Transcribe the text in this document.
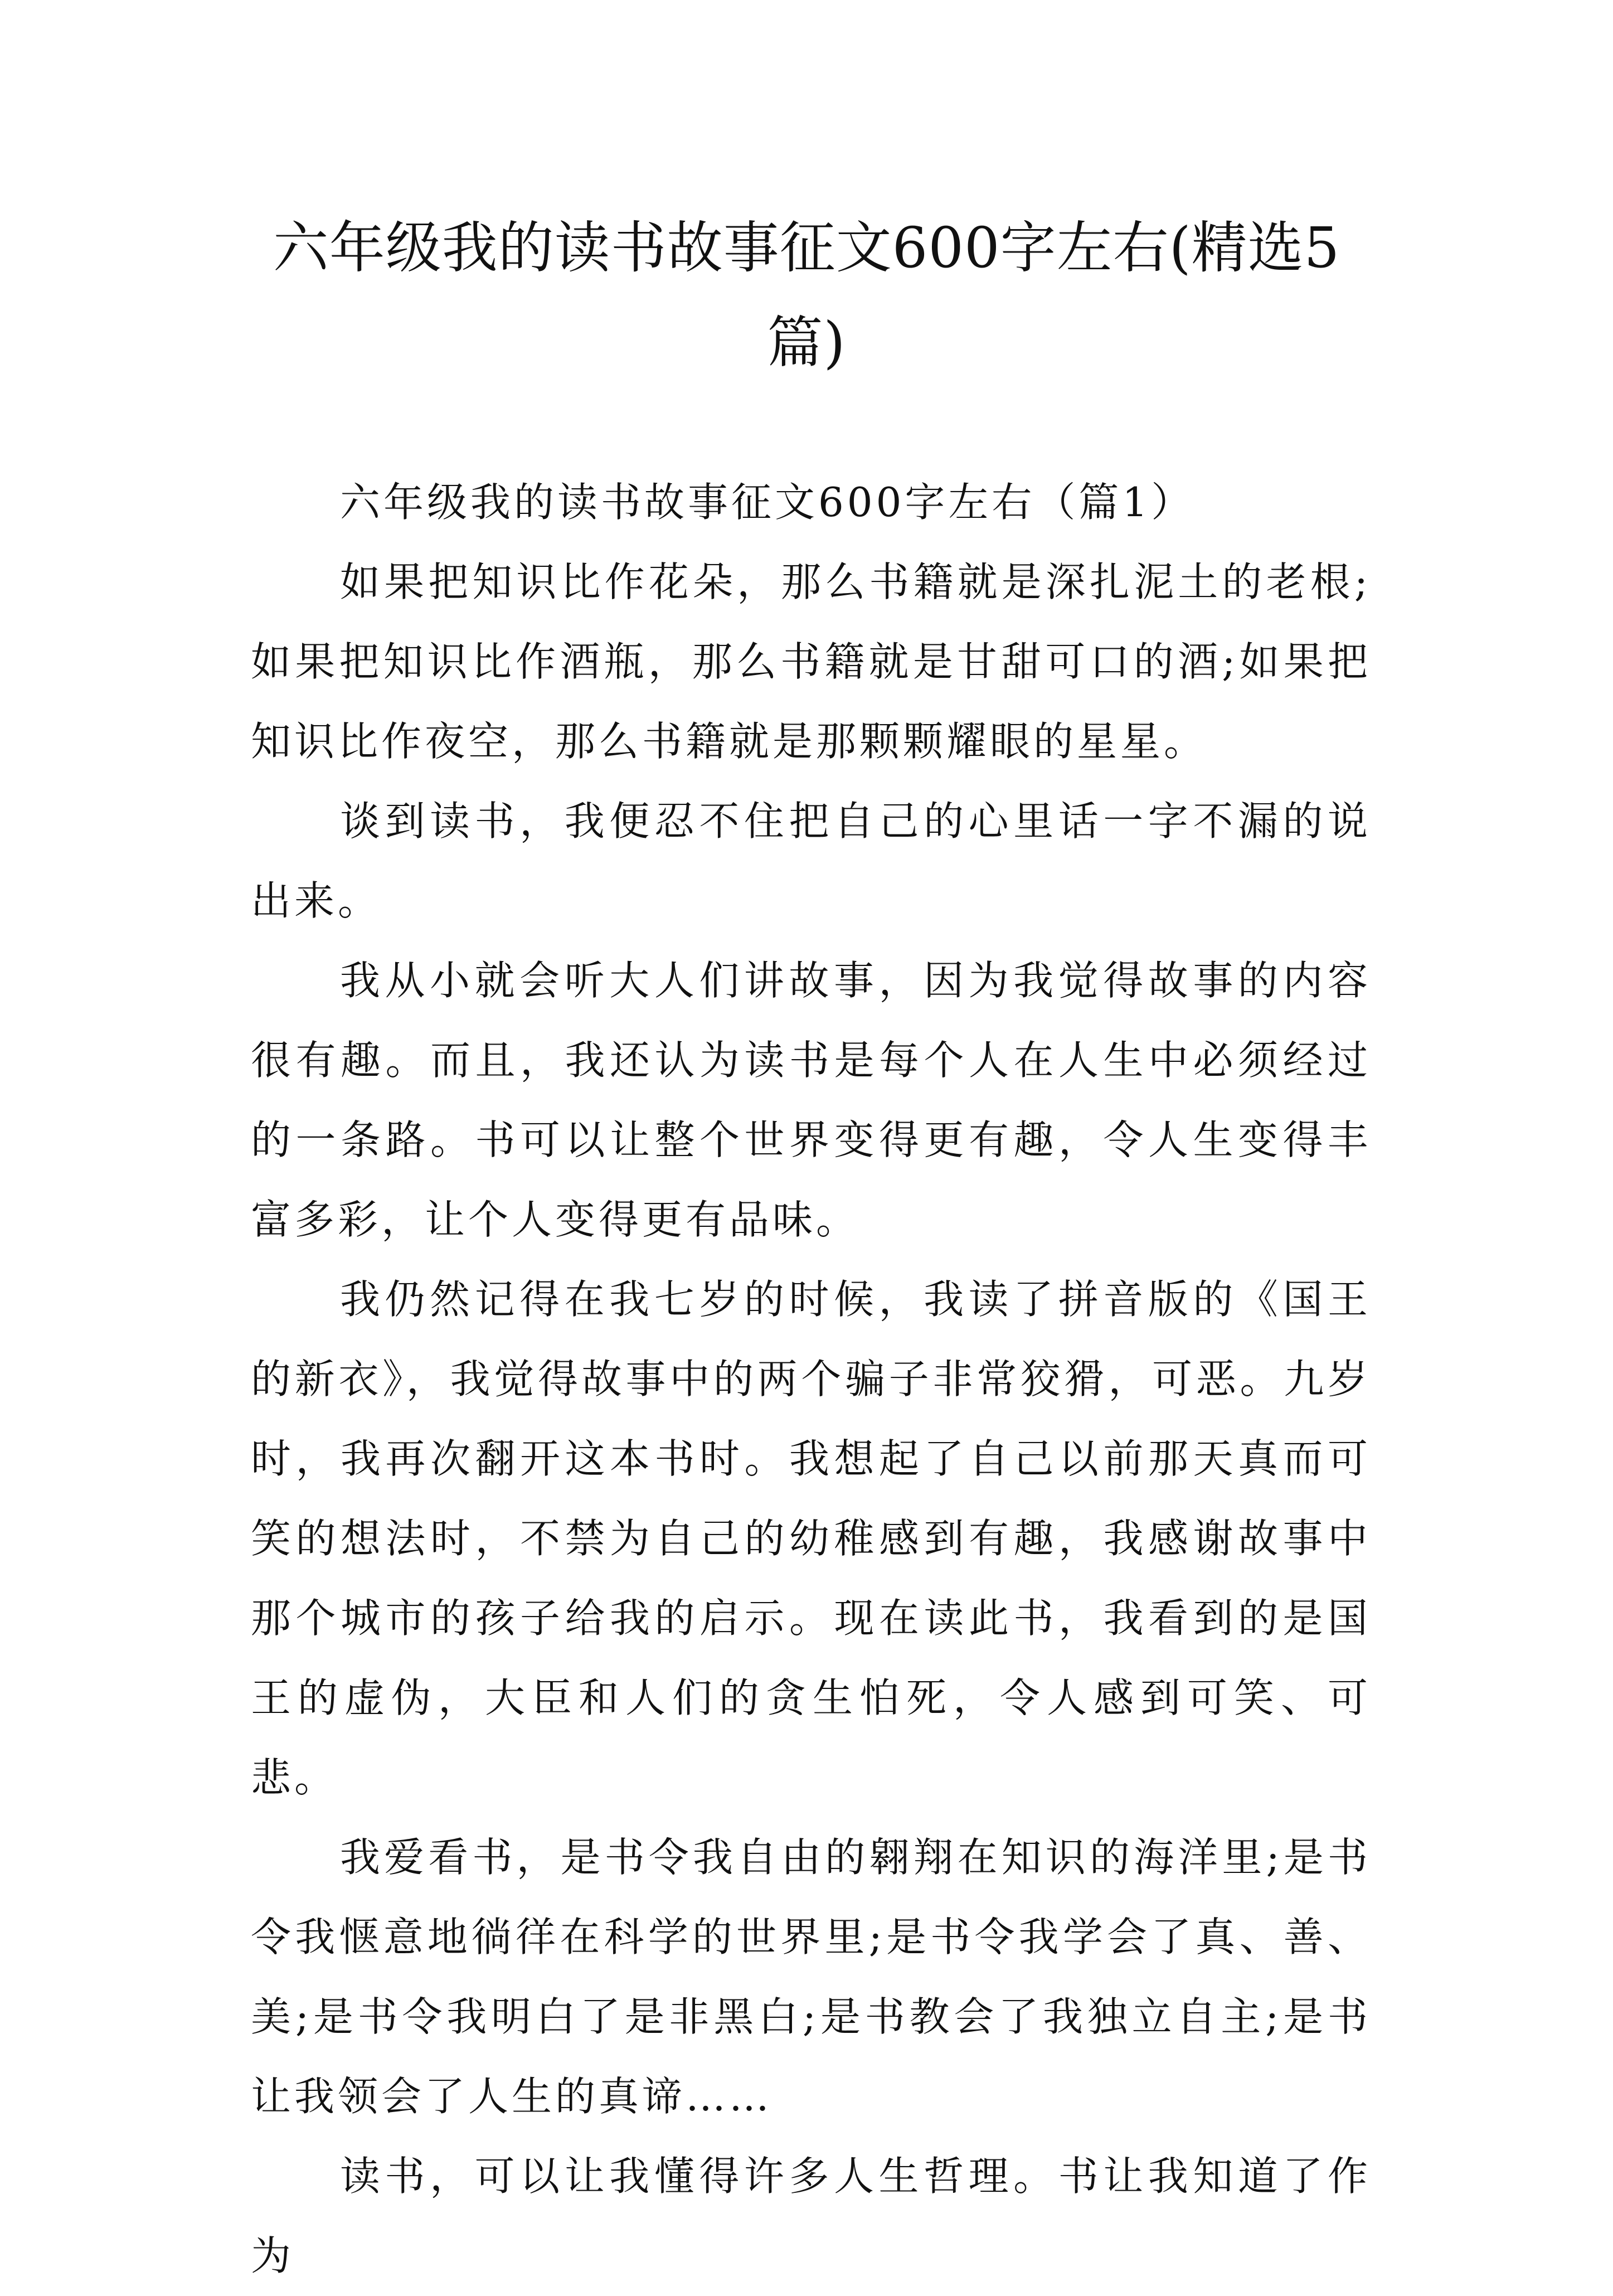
六年级我的读书故事征文600字左右(精选5篇)

六年级我的读书故事征文600字左右（篇1）

如果把知识比作花朵，那么书籍就是深扎泥土的老根;如果把知识比作酒瓶，那么书籍就是甘甜可口的酒;如果把知识比作夜空，那么书籍就是那颗颗耀眼的星星。

谈到读书，我便忍不住把自己的心里话一字不漏的说出来。

我从小就会听大人们讲故事，因为我觉得故事的内容很有趣。而且，我还认为读书是每个人在人生中必须经过的一条路。书可以让整个世界变得更有趣，令人生变得丰富多彩，让个人变得更有品味。

我仍然记得在我七岁的时候，我读了拼音版的《国王的新衣》，我觉得故事中的两个骗子非常狡猾，可恶。九岁时，我再次翻开这本书时。我想起了自己以前那天真而可笑的想法时，不禁为自己的幼稚感到有趣，我感谢故事中那个城市的孩子给我的启示。现在读此书，我看到的是国王的虚伪，大臣和人们的贪生怕死，令人感到可笑、可悲。

我爱看书，是书令我自由的翱翔在知识的海洋里;是书令我惬意地徜徉在科学的世界里;是书令我学会了真、善、美;是书令我明白了是非黑白;是书教会了我独立自主;是书让我领会了人生的真谛……

读书，可以让我懂得许多人生哲理。书让我知道了作为
